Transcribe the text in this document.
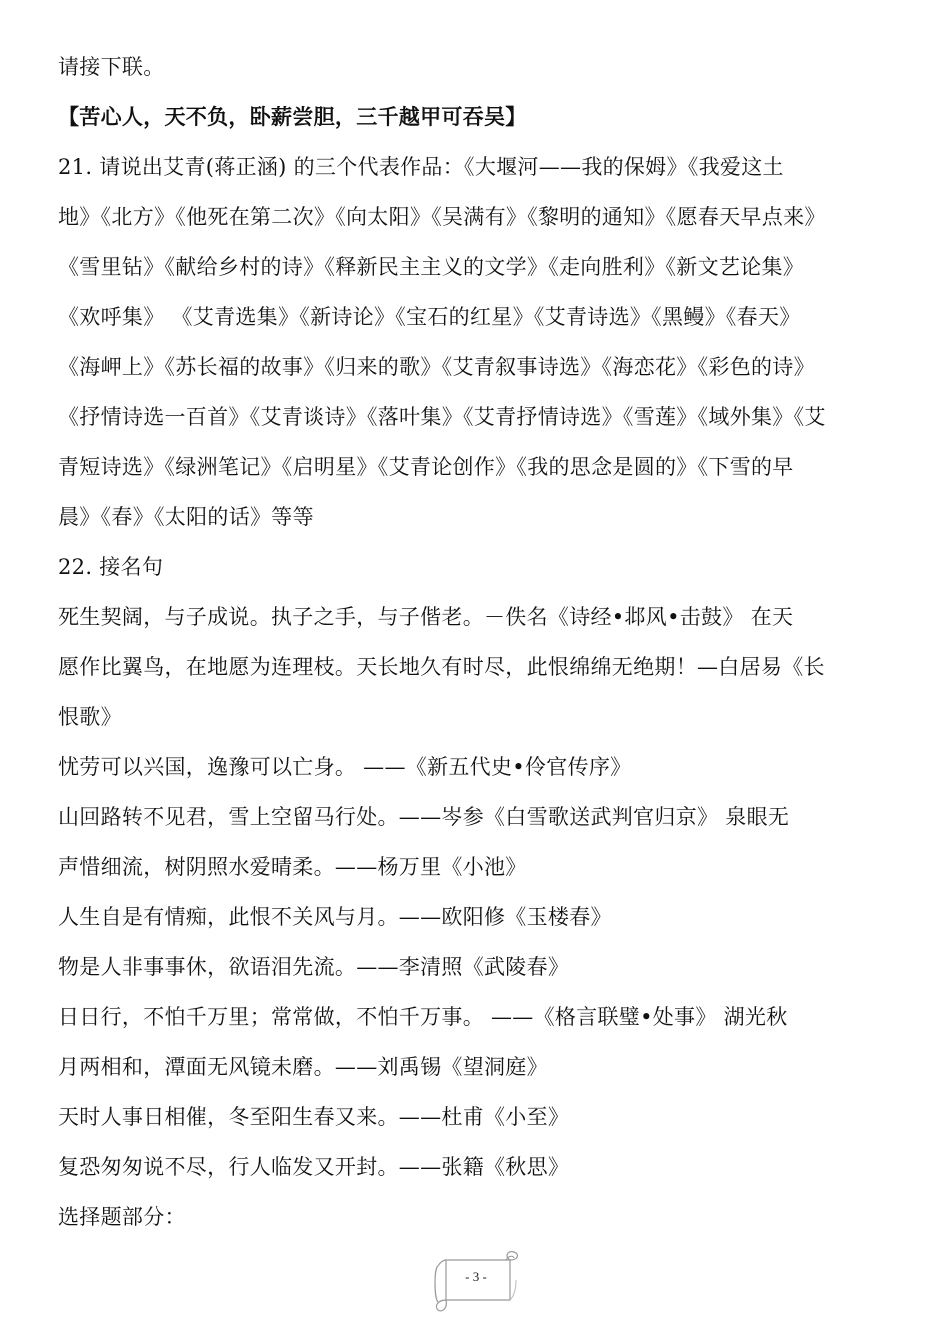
请接下联。
【苦心人，天不负，卧薪尝胆，三千越甲可吞吴】
21. 请说出艾青(蒋正涵) 的三个代表作品：《大堰河——我的保姆》《我爱这土
地》《北方》《他死在第二次》《向太阳》《吴满有》《黎明的通知》《愿春天早点来》
《雪里钻》《献给乡村的诗》《释新民主主义的文学》《走向胜利》《新文艺论集》
《欢呼集》 《艾青选集》《新诗论》《宝石的红星》《艾青诗选》《黑鳗》《春天》
《海岬上》《苏长福的故事》《归来的歌》《艾青叙事诗选》《海恋花》《彩色的诗》
《抒情诗选一百首》《艾青谈诗》《落叶集》《艾青抒情诗选》《雪莲》《域外集》《艾
青短诗选》《绿洲笔记》《启明星》《艾青论创作》《我的思念是圆的》《下雪的早
晨》《春》《太阳的话》等等
22. 接名句
死生契阔，与子成说。执子之手，与子偕老。－佚名《诗经•邶风•击鼓》 在天
愿作比翼鸟，在地愿为连理枝。天长地久有时尽，此恨绵绵无绝期！—白居易《长
恨歌》
忧劳可以兴国，逸豫可以亡身。 ——《新五代史•伶官传序》
山回路转不见君，雪上空留马行处。——岑参《白雪歌送武判官归京》 泉眼无
声惜细流，树阴照水爱晴柔。——杨万里《小池》
人生自是有情痴，此恨不关风与月。——欧阳修《玉楼春》
物是人非事事休，欲语泪先流。——李清照《武陵春》
日日行，不怕千万里；常常做，不怕千万事。 ——《格言联璧•处事》 湖光秋
月两相和，潭面无风镜未磨。——刘禹锡《望洞庭》
天时人事日相催，冬至阳生春又来。——杜甫《小至》
复恐匆匆说不尽，行人临发又开封。——张籍《秋思》
选择题部分：
- 3 -
